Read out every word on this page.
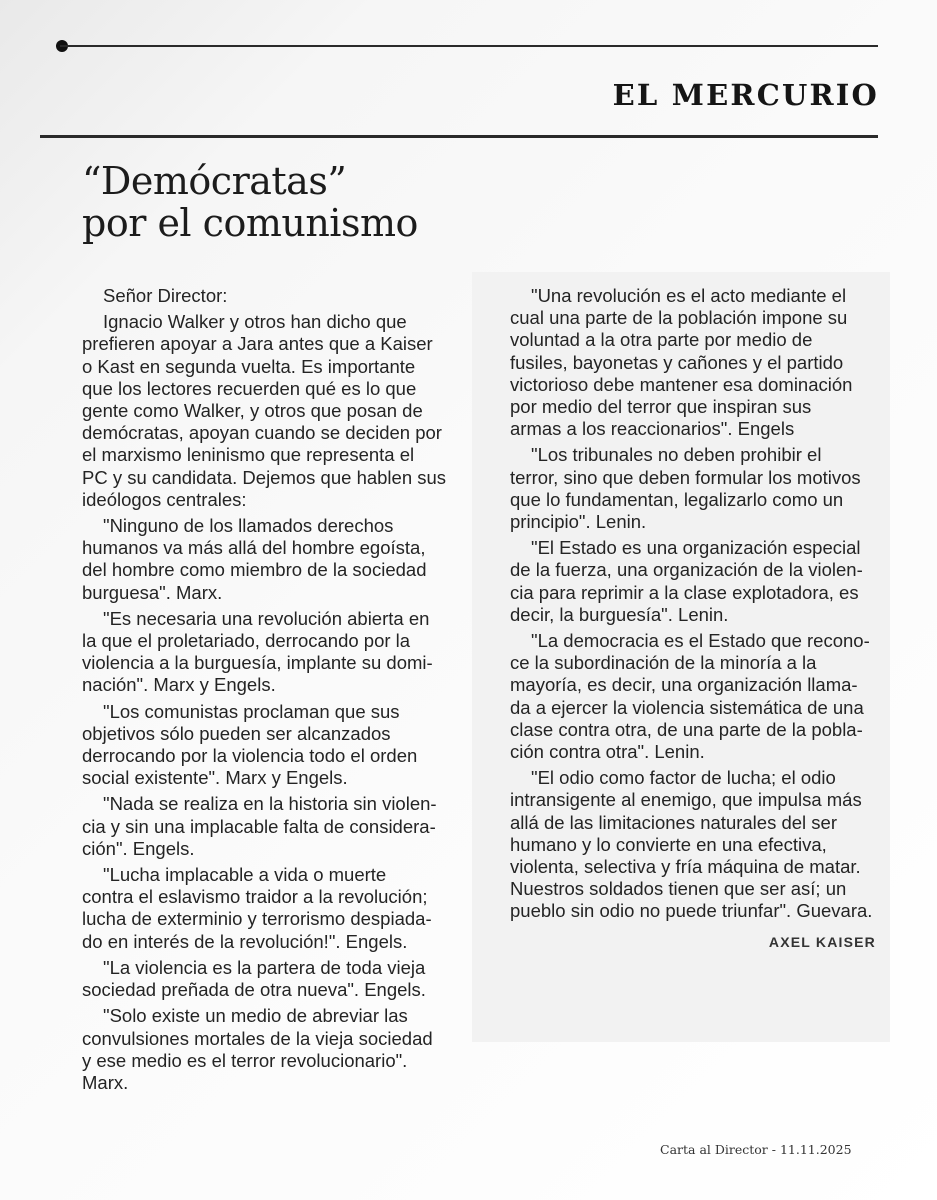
EL MERCURIO
“Demócratas”
por el comunismo
Señor Director:
Ignacio Walker y otros han dicho que
prefieren apoyar a Jara antes que a Kaiser
o Kast en segunda vuelta. Es importante
que los lectores recuerden qué es lo que
gente como Walker, y otros que posan de
demócratas, apoyan cuando se deciden por
el marxismo leninismo que representa el
PC y su candidata. Dejemos que hablen sus
ideólogos centrales:
"Ninguno de los llamados derechos
humanos va más allá del hombre egoísta,
del hombre como miembro de la sociedad
burguesa". Marx.
"Es necesaria una revolución abierta en
la que el proletariado, derrocando por la
violencia a la burguesía, implante su domi-
nación". Marx y Engels.
"Los comunistas proclaman que sus
objetivos sólo pueden ser alcanzados
derrocando por la violencia todo el orden
social existente". Marx y Engels.
"Nada se realiza en la historia sin violen-
cia y sin una implacable falta de considera-
ción". Engels.
"Lucha implacable a vida o muerte
contra el eslavismo traidor a la revolución;
lucha de exterminio y terrorismo despiada-
do en interés de la revolución!". Engels.
"La violencia es la partera de toda vieja
sociedad preñada de otra nueva". Engels.
"Solo existe un medio de abreviar las
convulsiones mortales de la vieja sociedad
y ese medio es el terror revolucionario".
Marx.
"Una revolución es el acto mediante el
cual una parte de la población impone su
voluntad a la otra parte por medio de
fusiles, bayonetas y cañones y el partido
victorioso debe mantener esa dominación
por medio del terror que inspiran sus
armas a los reaccionarios". Engels
"Los tribunales no deben prohibir el
terror, sino que deben formular los motivos
que lo fundamentan, legalizarlo como un
principio". Lenin.
"El Estado es una organización especial
de la fuerza, una organización de la violen-
cia para reprimir a la clase explotadora, es
decir, la burguesía". Lenin.
"La democracia es el Estado que recono-
ce la subordinación de la minoría a la
mayoría, es decir, una organización llama-
da a ejercer la violencia sistemática de una
clase contra otra, de una parte de la pobla-
ción contra otra". Lenin.
"El odio como factor de lucha; el odio
intransigente al enemigo, que impulsa más
allá de las limitaciones naturales del ser
humano y lo convierte en una efectiva,
violenta, selectiva y fría máquina de matar.
Nuestros soldados tienen que ser así; un
pueblo sin odio no puede triunfar". Guevara.
AXEL KAISER
Carta al Director - 11.11.2025
